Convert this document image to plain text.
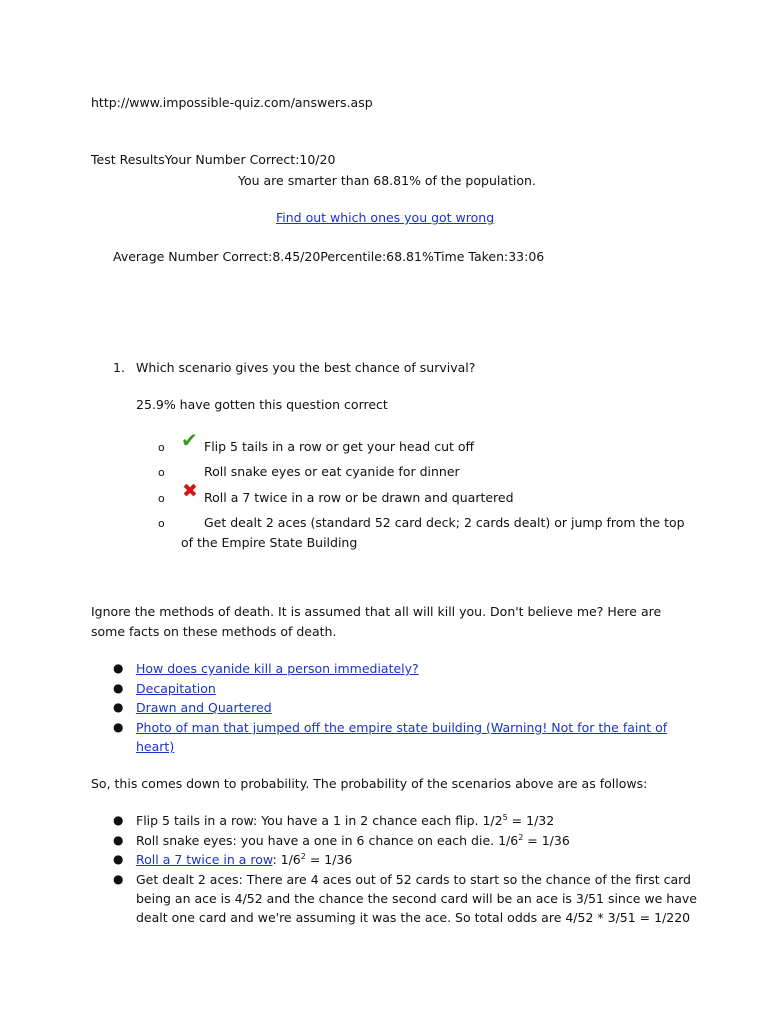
http://www.impossible-quiz.com/answers.asp
Test ResultsYour Number Correct:10/20
You are smarter than 68.81% of the population.
Find out which ones you got wrong
Average Number Correct:8.45/20Percentile:68.81%Time Taken:33:06
1. Which scenario gives you the best chance of survival?
25.9% have gotten this question correct
o ✔ Flip 5 tails in a row or get your head cut off
o	Roll snake eyes or eat cyanide for dinner
o ✖ Roll a 7 twice in a row or be drawn and quartered
o	Get dealt 2 aces (standard 52 card deck; 2 cards dealt) or jump from the top
of the Empire State Building
Ignore the methods of death. It is assumed that all will kill you. Don't believe me? Here are
some facts on these methods of death.
● How does cyanide kill a person immediately?
● Decapitation
● Drawn and Quartered
● Photo of man that jumped off the empire state building (Warning! Not for the faint of
heart)
So, this comes down to probability. The probability of the scenarios above are as follows:
● Flip 5 tails in a row: You have a 1 in 2 chance each flip. $1/2^5 = 1/32$
● Roll snake eyes: you have a one in 6 chance on each die. $1/6^2 = 1/36$
● Roll a 7 twice in a row: $1/6^2 = 1/36$
● Get dealt 2 aces: There are 4 aces out of 52 cards to start so the chance of the first card
being an ace is 4/52 and the chance the second card will be an ace is 3/51 since we have
dealt one card and we're assuming it was the ace. So total odds are 4/52 * 3/51 = 1/220
